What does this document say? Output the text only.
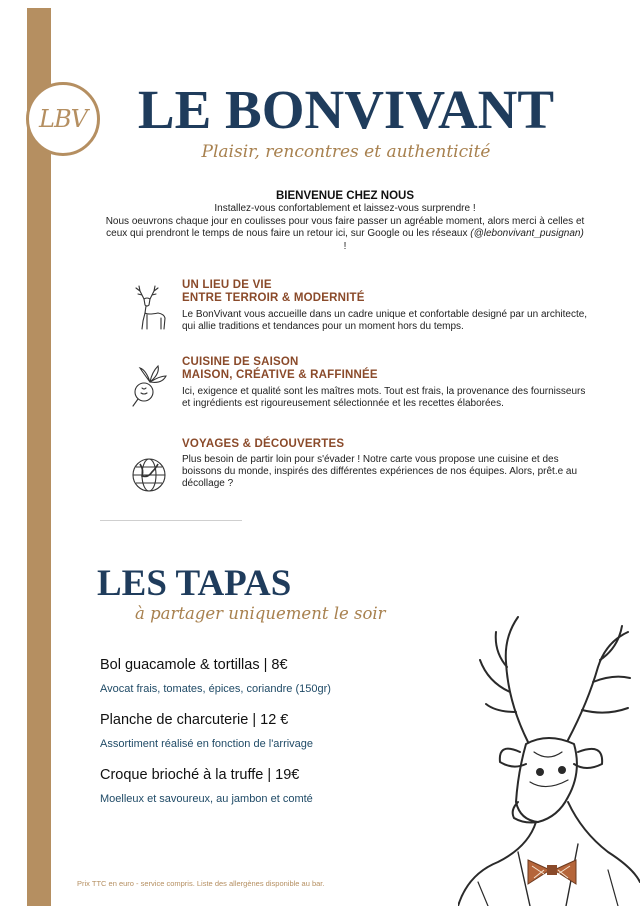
LBV LE BONVIVANT
Plaisir, rencontres et authenticité
BIENVENUE CHEZ NOUS
Installez-vous confortablement et laissez-vous surprendre !
Nous oeuvrons chaque jour en coulisses pour vous faire passer un agréable moment, alors merci à celles et ceux qui prendront le temps de nous faire un retour ici, sur Google ou les réseaux (@lebonvivant_pusignan) !
UN LIEU DE VIE
ENTRE TERROIR & MODERNITÉ
Le BonVivant vous accueille dans un cadre unique et confortable designé par un architecte, qui allie traditions et tendances pour un moment hors du temps.
CUISINE DE SAISON
MAISON, CRÉATIVE & RAFFINNÉE
Ici, exigence et qualité sont les maîtres mots. Tout est frais, la provenance des fournisseurs et ingrédients est rigoureusement sélectionnée et les recettes élaborées.
VOYAGES & DÉCOUVERTES
Plus besoin de partir loin pour s'évader ! Notre carte vous propose une cuisine et des boissons du monde, inspirés des différentes expériences de nos équipes. Alors, prêt.e au décollage ?
LES TAPAS
à partager uniquement le soir
Bol guacamole & tortillas | 8€
Avocat frais, tomates, épices, coriandre (150gr)
Planche de charcuterie | 12 €
Assortiment réalisé en fonction de l'arrivage
Croque brioché à la truffe | 19€
Moelleux et savoureux, au jambon et comté
Prix TTC en euro - service compris. Liste des allergènes disponible au bar.
